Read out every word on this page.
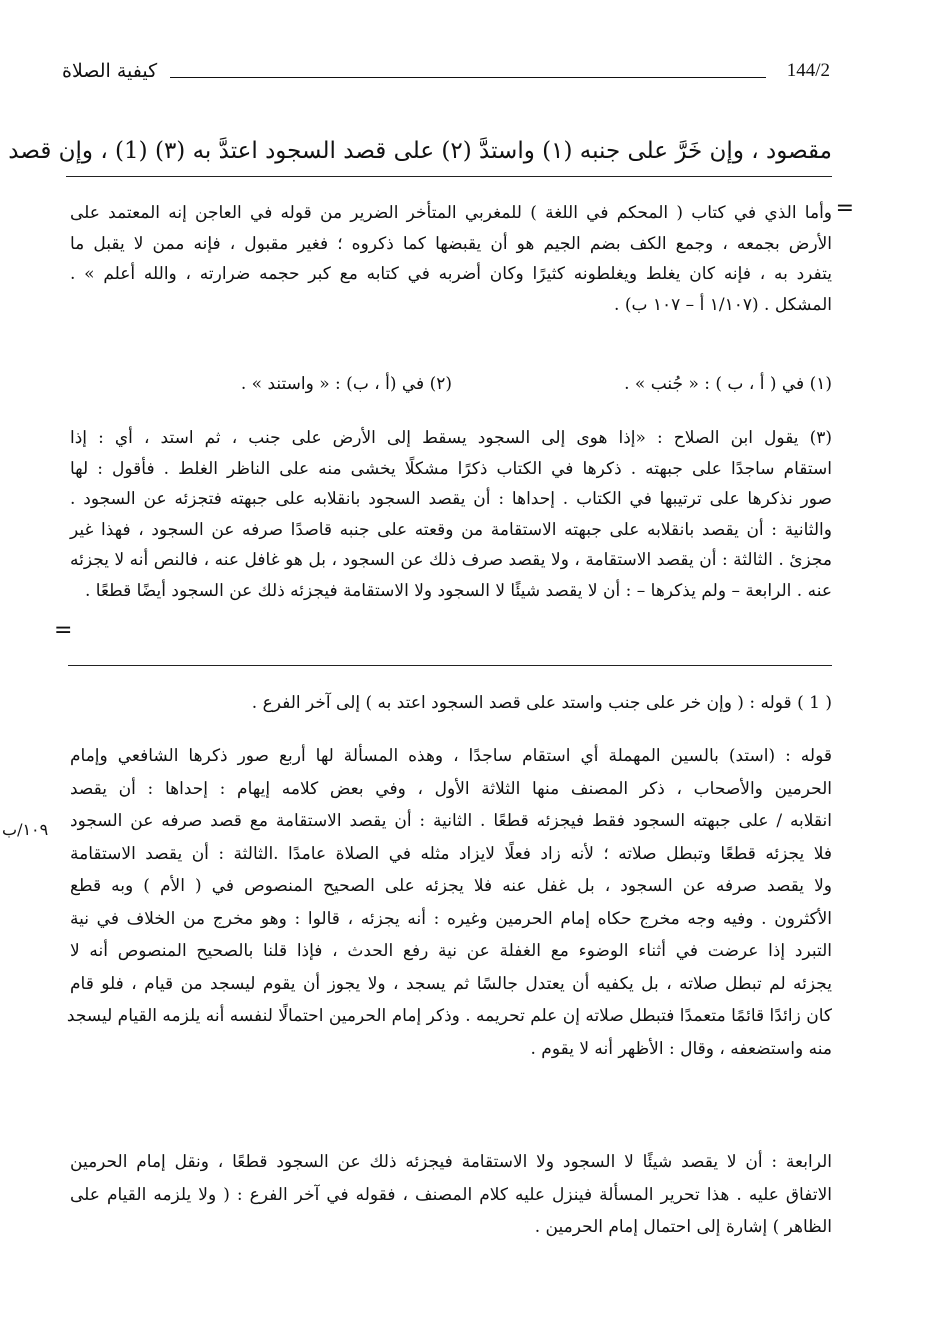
144/2
كيفية الصلاة
مقصود ، وإن خَرَّ على جنبه (١) واستدَّ (٢) على قصد السجود اعتدَّ به (٣) (1) ، وإن قصد
=
وأما الذي في كتاب ( المحكم في اللغة ) للمغربي المتأخر الضرير من قوله في العاجن إنه المعتمد على
الأرض بجمعه ، وجمع الكف بضم الجيم هو أن يقبضها كما ذكروه ؛ فغير مقبول ، فإنه ممن لا يقبل ما
يتفرد به ، فإنه كان يغلط ويغلطونه كثيرًا وكان أضربه في كتابه مع كبر حجمه ضرارته ، والله أعلم » .
المشكل . (١/١٠٧ أ – ١٠٧ ب) .
(١) في ( أ ، ب ) : « جُنب » .
(٢) في (أ ، ب) : « واستند » .
(٣) يقول ابن الصلاح : «إذا هوى إلى السجود يسقط إلى الأرض على جنب ، ثم استد ، أي : إذا
استقام ساجدًا على جبهته . ذكرها في الكتاب ذكرًا مشكلًا يخشى منه على الناظر الغلط . فأقول : لها
صور نذكرها على ترتيبها في الكتاب . إحداها : أن يقصد السجود بانقلابه على جبهته فتجزئه عن السجود .
والثانية : أن يقصد بانقلابه على جبهته الاستقامة من وقعته على جنبه قاصدًا صرفه عن السجود ، فهذا غير
مجزئ . الثالثة : أن يقصد الاستقامة ، ولا يقصد صرف ذلك عن السجود ، بل هو غافل عنه ، فالنص أنه لا يجزئه
عنه . الرابعة – ولم يذكرها – : أن لا يقصد شيئًا لا السجود ولا الاستقامة فيجزئه ذلك عن السجود أيضًا قطعًا .
=
( 1 ) قوله : ( وإن خر على جنب واستد على قصد السجود اعتد به ) إلى آخر الفرع .
قوله : (استد) بالسين المهملة أي استقام ساجدًا ، وهذه المسألة لها أربع صور ذكرها الشافعي وإمام
الحرمين والأصحاب ، ذكر المصنف منها الثلاثة الأول ، وفي بعض كلامه إيهام : إحداها : أن يقصد
انقلابه / على جبهته السجود فقط فيجزئه قطعًا . الثانية : أن يقصد الاستقامة مع قصد صرفه عن السجود
فلا يجزئه قطعًا وتبطل صلاته ؛ لأنه زاد فعلًا لايزاد مثله في الصلاة عامدًا .الثالثة : أن يقصد الاستقامة
ولا يقصد صرفه عن السجود ، بل غفل عنه فلا يجزئه على الصحيح المنصوص في ( الأم ) وبه قطع
الأكثرون . وفيه وجه مخرج حكاه إمام الحرمين وغيره : أنه يجزئه ، قالوا : وهو مخرج من الخلاف في نية
التبرد إذا عرضت في أثناء الوضوء مع الغفلة عن نية رفع الحدث ، فإذا قلنا بالصحيح المنصوص أنه لا
يجزئه لم تبطل صلاته ، بل يكفيه أن يعتدل جالسًا ثم يسجد ، ولا يجوز أن يقوم ليسجد من قيام ، فلو قام
كان زائدًا قائمًا متعمدًا فتبطل صلاته إن علم تحريمه . وذكر إمام الحرمين احتمالًا لنفسه أنه يلزمه القيام ليسجد
منه واستضعفه ، وقال : الأظهر أنه لا يقوم .
١٠٩/ب
الرابعة : أن لا يقصد شيئًا لا السجود ولا الاستقامة فيجزئه ذلك عن السجود قطعًا ، ونقل إمام الحرمين
الاتفاق عليه . هذا تحرير المسألة فينزل عليه كلام المصنف ، فقوله في آخر الفرع : ( ولا يلزمه القيام على
الظاهر ) إشارة إلى احتمال إمام الحرمين .
